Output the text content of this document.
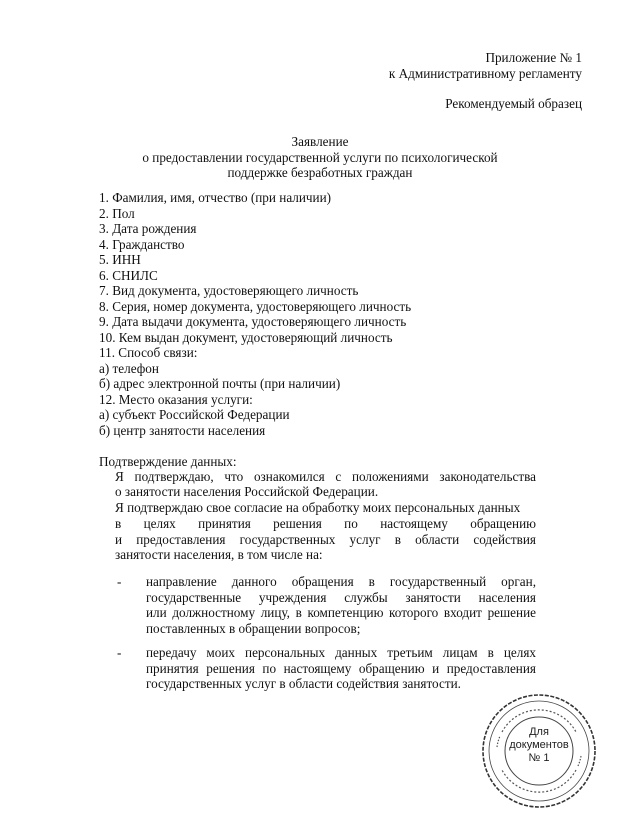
Приложение № 1
к Административному регламенту
Рекомендуемый образец
Заявление
о предоставлении государственной услуги по психологической
поддержке безработных граждан
1. Фамилия, имя, отчество (при наличии)
2. Пол
3. Дата рождения
4. Гражданство
5. ИНН
6. СНИЛС
7. Вид документа, удостоверяющего личность
8. Серия, номер документа, удостоверяющего личность
9. Дата выдачи документа, удостоверяющего личность
10. Кем выдан документ, удостоверяющий личность
11. Способ связи:
а) телефон
б) адрес электронной почты (при наличии)
12. Место оказания услуги:
а) субъект Российской Федерации
б) центр занятости населения
Подтверждение данных:
Я подтверждаю, что ознакомился с положениями законодательства
о занятости населения Российской Федерации.
Я подтверждаю свое согласие на обработку моих персональных данных
в целях принятия решения по настоящему обращению
и предоставления государственных услуг в области содействия
занятости населения, в том числе на:
- направление данного обращения в государственный орган,
государственные учреждения службы занятости населения
или должностному лицу, в компетенцию которого входит решение
поставленных в обращении вопросов;
- передачу моих персональных данных третьим лицам в целях
принятия решения по настоящему обращению и предоставления
государственных услуг в области содействия занятости.
Для
документов
№ 1
